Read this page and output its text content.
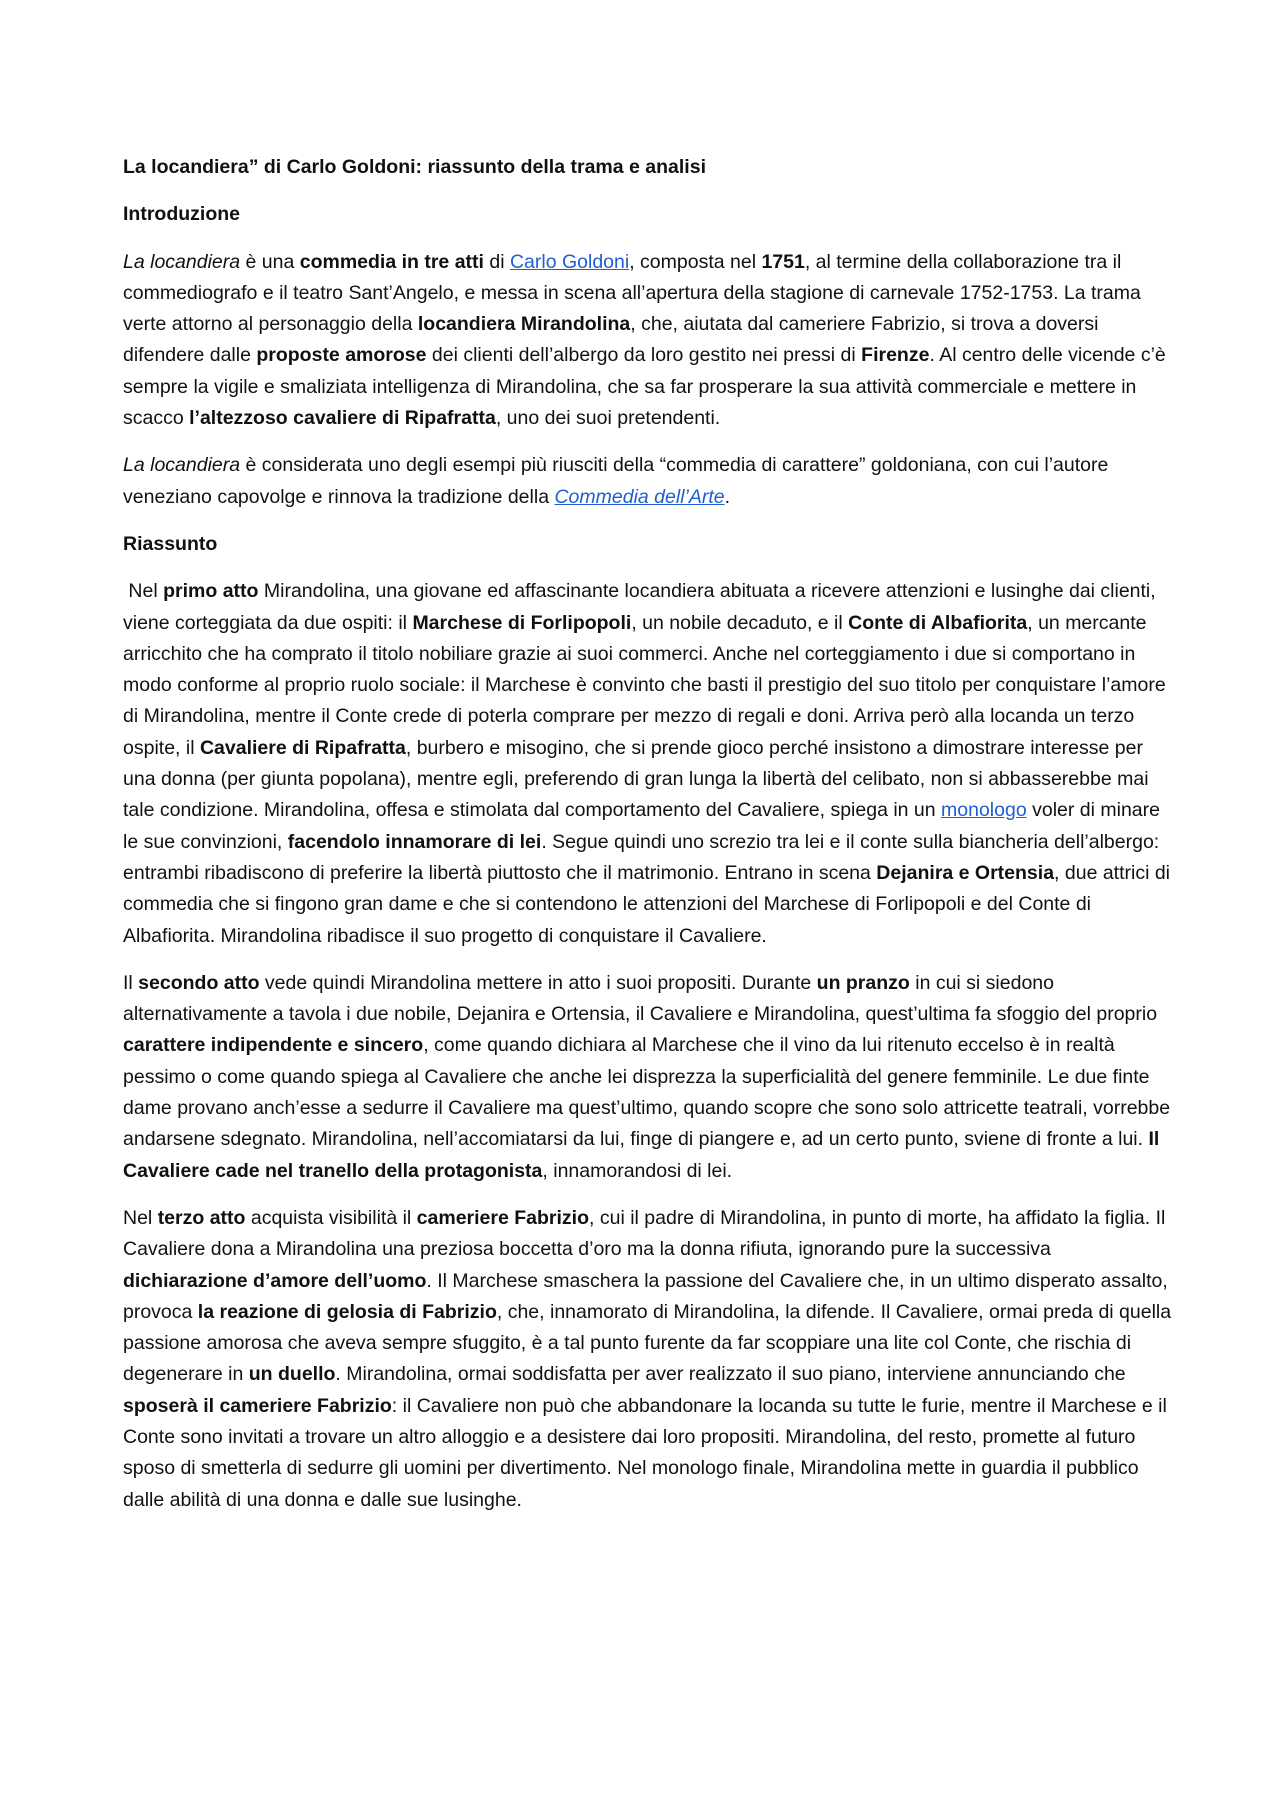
La locandiera” di Carlo Goldoni: riassunto della trama e analisi

Introduzione

La locandiera è una commedia in tre atti di Carlo Goldoni, composta nel 1751, al termine della collaborazione tra il commediografo e il teatro Sant’Angelo, e messa in scena all’apertura della stagione di carnevale 1752-1753. La trama verte attorno al personaggio della locandiera Mirandolina, che, aiutata dal cameriere Fabrizio, si trova a doversi difendere dalle proposte amorose dei clienti dell’albergo da loro gestito nei pressi di Firenze. Al centro delle vicende c’è sempre la vigile e smaliziata intelligenza di Mirandolina, che sa far prosperare la sua attività commerciale e mettere in scacco l’altezzoso cavaliere di Ripafratta, uno dei suoi pretendenti.

La locandiera è considerata uno degli esempi più riusciti della “commedia di carattere” goldoniana, con cui l’autore veneziano capovolge e rinnova la tradizione della Commedia dell’Arte.

Riassunto

Nel primo atto Mirandolina, una giovane ed affascinante locandiera abituata a ricevere attenzioni e lusinghe dai clienti, viene corteggiata da due ospiti: il Marchese di Forlipopoli, un nobile decaduto, e il Conte di Albafiorita, un mercante arricchito che ha comprato il titolo nobiliare grazie ai suoi commerci. Anche nel corteggiamento i due si comportano in modo conforme al proprio ruolo sociale: il Marchese è convinto che basti il prestigio del suo titolo per conquistare l’amore di Mirandolina, mentre il Conte crede di poterla comprare per mezzo di regali e doni. Arriva però alla locanda un terzo ospite, il Cavaliere di Ripafratta, burbero e misogino, che si prende gioco perché insistono a dimostrare interesse per una donna (per giunta popolana), mentre egli, preferendo di gran lunga la libertà del celibato, non si abbasserebbe mai tale condizione. Mirandolina, offesa e stimolata dal comportamento del Cavaliere, spiega in un monologo voler di minare le sue convinzioni, facendolo innamorare di lei. Segue quindi uno screzio tra lei e il conte sulla biancheria dell’albergo: entrambi ribadiscono di preferire la libertà piuttosto che il matrimonio. Entrano in scena Dejanira e Ortensia, due attrici di commedia che si fingono gran dame e che si contendono le attenzioni del Marchese di Forlipopoli e del Conte di Albafiorita. Mirandolina ribadisce il suo progetto di conquistare il Cavaliere.

Il secondo atto vede quindi Mirandolina mettere in atto i suoi propositi. Durante un pranzo in cui si siedono alternativamente a tavola i due nobile, Dejanira e Ortensia, il Cavaliere e Mirandolina, quest’ultima fa sfoggio del proprio carattere indipendente e sincero, come quando dichiara al Marchese che il vino da lui ritenuto eccelso è in realtà pessimo o come quando spiega al Cavaliere che anche lei disprezza la superficialità del genere femminile. Le due finte dame provano anch’esse a sedurre il Cavaliere ma quest’ultimo, quando scopre che sono solo attricette teatrali, vorrebbe andarsene sdegnato. Mirandolina, nell’accomiatarsi da lui, finge di piangere e, ad un certo punto, sviene di fronte a lui. Il Cavaliere cade nel tranello della protagonista, innamorandosi di lei.

Nel terzo atto acquista visibilità il cameriere Fabrizio, cui il padre di Mirandolina, in punto di morte, ha affidato la figlia. Il Cavaliere dona a Mirandolina una preziosa boccetta d’oro ma la donna rifiuta, ignorando pure la successiva dichiarazione d’amore dell’uomo. Il Marchese smaschera la passione del Cavaliere che, in un ultimo disperato assalto, provoca la reazione di gelosia di Fabrizio, che, innamorato di Mirandolina, la difende. Il Cavaliere, ormai preda di quella passione amorosa che aveva sempre sfuggito, è a tal punto furente da far scoppiare una lite col Conte, che rischia di degenerare in un duello. Mirandolina, ormai soddisfatta per aver realizzato il suo piano, interviene annunciando che sposerà il cameriere Fabrizio: il Cavaliere non può che abbandonare la locanda su tutte le furie, mentre il Marchese e il Conte sono invitati a trovare un altro alloggio e a desistere dai loro propositi. Mirandolina, del resto, promette al futuro sposo di smetterla di sedurre gli uomini per divertimento. Nel monologo finale, Mirandolina mette in guardia il pubblico dalle abilità di una donna e dalle sue lusinghe.
